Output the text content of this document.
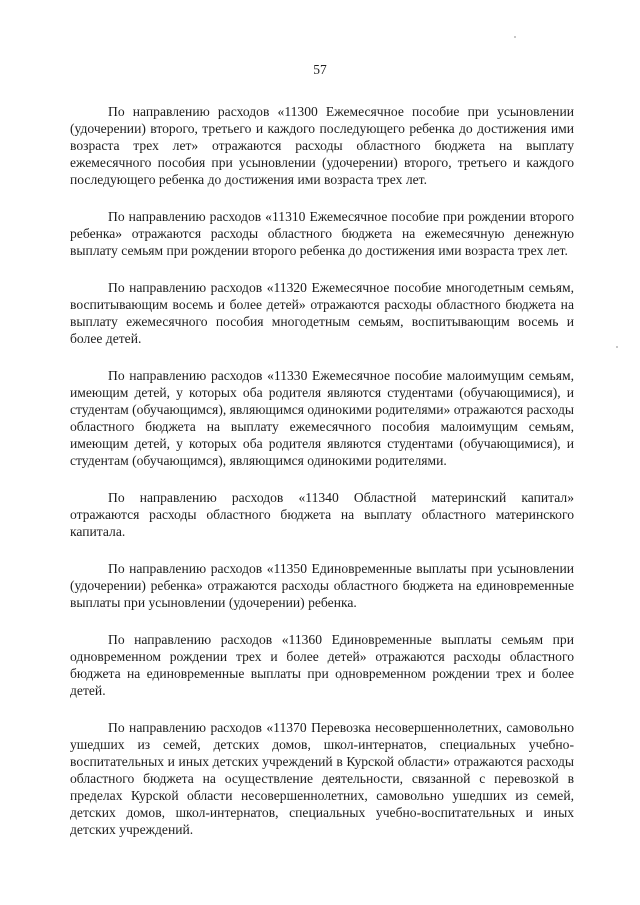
57

По направлению расходов «11300 Ежемесячное пособие при усыновлении (удочерении) второго, третьего и каждого последующего ребенка до достижения ими возраста трех лет» отражаются расходы областного бюджета на выплату ежемесячного пособия при усыновлении (удочерении) второго, третьего и каждого последующего ребенка до достижения ими возраста трех лет.

По направлению расходов «11310 Ежемесячное пособие при рождении второго ребенка» отражаются расходы областного бюджета на ежемесячную денежную выплату семьям при рождении второго ребенка до достижения ими возраста трех лет.

По направлению расходов «11320 Ежемесячное пособие многодетным семьям, воспитывающим восемь и более детей» отражаются расходы областного бюджета на выплату ежемесячного пособия многодетным семьям, воспитывающим восемь и более детей.

По направлению расходов «11330 Ежемесячное пособие малоимущим семьям, имеющим детей, у которых оба родителя являются студентами (обучающимися), и студентам (обучающимся), являющимся одинокими родителями» отражаются расходы областного бюджета на выплату ежемесячного пособия малоимущим семьям, имеющим детей, у которых оба родителя являются студентами (обучающимися), и студентам (обучающимся), являющимся одинокими родителями.

По направлению расходов «11340 Областной материнский капитал» отражаются расходы областного бюджета на выплату областного материнского капитала.

По направлению расходов «11350 Единовременные выплаты при усыновлении (удочерении) ребенка» отражаются расходы областного бюджета на единовременные выплаты при усыновлении (удочерении) ребенка.

По направлению расходов «11360 Единовременные выплаты семьям при одновременном рождении трех и более детей» отражаются расходы областного бюджета на единовременные выплаты при одновременном рождении трех и более детей.

По направлению расходов «11370 Перевозка несовершеннолетних, самовольно ушедших из семей, детских домов, школ-интернатов, специальных учебно-воспитательных и иных детских учреждений в Курской области» отражаются расходы областного бюджета на осуществление деятельности, связанной с перевозкой в пределах Курской области несовершеннолетних, самовольно ушедших из семей, детских домов, школ-интернатов, специальных учебно-воспитательных и иных детских учреждений.
